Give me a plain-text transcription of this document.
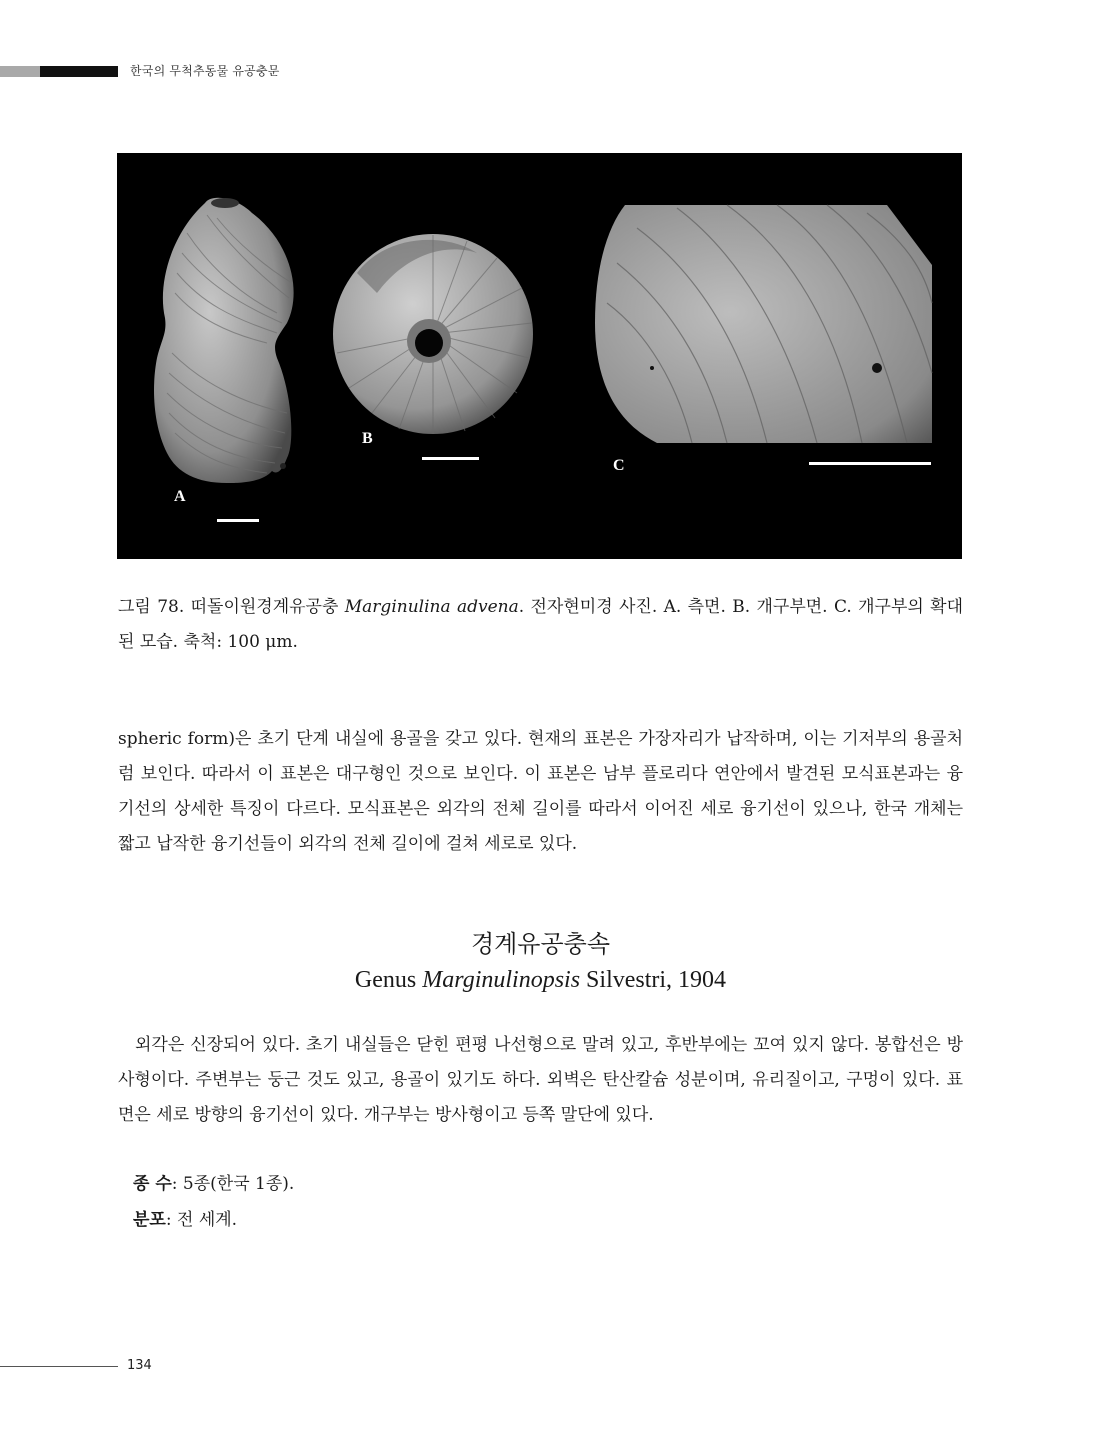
한국의 무척추동물 유공충문
A
B
C
그림 78. 떠돌이원경계유공충 Marginulina advena. 전자현미경 사진. A. 측면. B. 개구부면. C. 개구부의 확대된 모습. 축척: 100 μm.
spheric form)은 초기 단계 내실에 용골을 갖고 있다. 현재의 표본은 가장자리가 납작하며, 이는 기저부의 용골처럼 보인다. 따라서 이 표본은 대구형인 것으로 보인다. 이 표본은 남부 플로리다 연안에서 발견된 모식표본과는 융기선의 상세한 특징이 다르다. 모식표본은 외각의 전체 길이를 따라서 이어진 세로 융기선이 있으나, 한국 개체는 짧고 납작한 융기선들이 외각의 전체 길이에 걸쳐 세로로 있다.
경계유공충속
Genus Marginulinopsis Silvestri, 1904
외각은 신장되어 있다. 초기 내실들은 닫힌 편평 나선형으로 말려 있고, 후반부에는 꼬여 있지 않다. 봉합선은 방사형이다. 주변부는 둥근 것도 있고, 용골이 있기도 하다. 외벽은 탄산칼슘 성분이며, 유리질이고, 구멍이 있다. 표면은 세로 방향의 융기선이 있다. 개구부는 방사형이고 등쪽 말단에 있다.
종 수: 5종(한국 1종).
분포: 전 세계.
134
